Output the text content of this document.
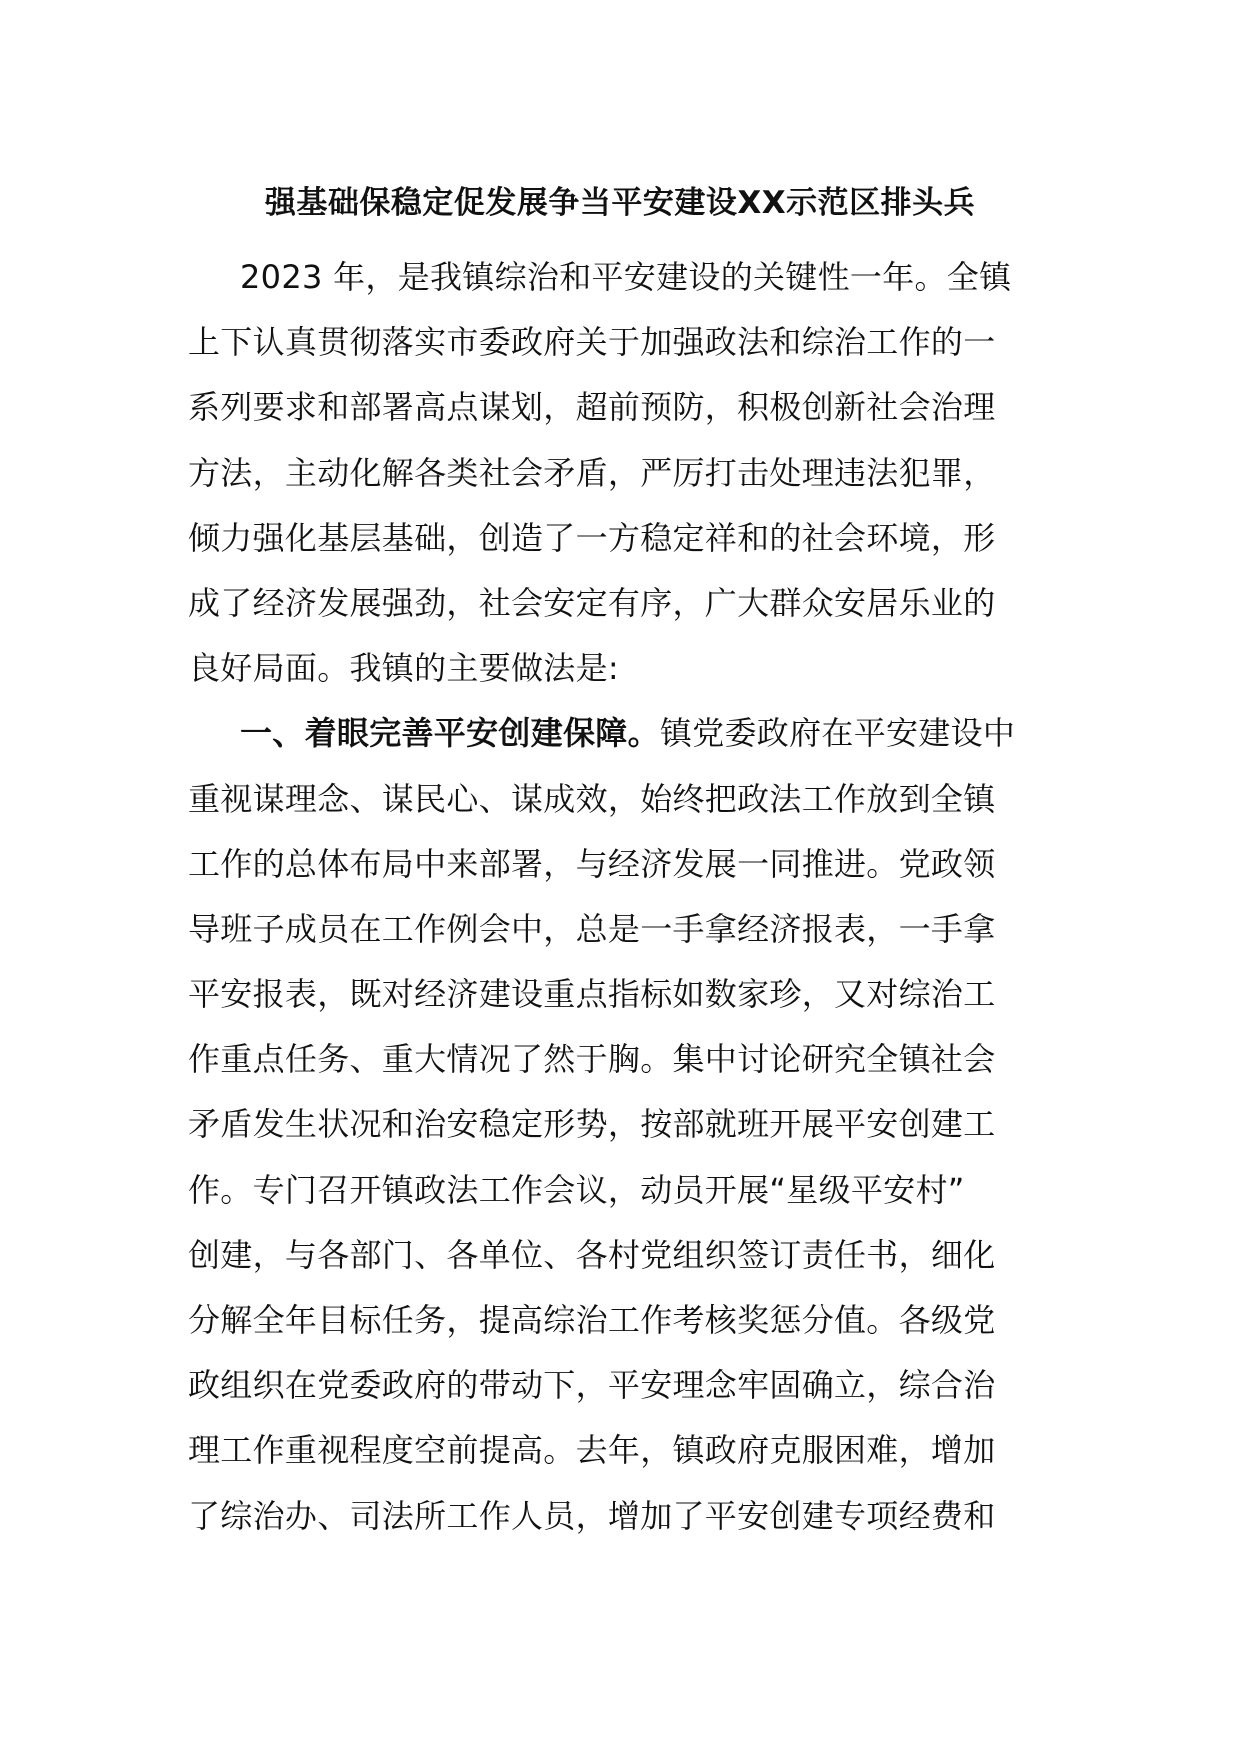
强基础保稳定促发展争当平安建设XX示范区排头兵
2023 年，是我镇综治和平安建设的关键性一年。全镇
上下认真贯彻落实市委政府关于加强政法和综治工作的一
系列要求和部署高点谋划，超前预防，积极创新社会治理
方法，主动化解各类社会矛盾，严厉打击处理违法犯罪，
倾力强化基层基础，创造了一方稳定祥和的社会环境，形
成了经济发展强劲，社会安定有序，广大群众安居乐业的
良好局面。我镇的主要做法是:
一、着眼完善平安创建保障。镇党委政府在平安建设中
重视谋理念、谋民心、谋成效，始终把政法工作放到全镇
工作的总体布局中来部署，与经济发展一同推进。党政领
导班子成员在工作例会中，总是一手拿经济报表，一手拿
平安报表，既对经济建设重点指标如数家珍，又对综治工
作重点任务、重大情况了然于胸。集中讨论研究全镇社会
矛盾发生状况和治安稳定形势，按部就班开展平安创建工
作。专门召开镇政法工作会议，动员开展“星级平安村”
创建，与各部门、各单位、各村党组织签订责任书，细化
分解全年目标任务，提高综治工作考核奖惩分值。各级党
政组织在党委政府的带动下，平安理念牢固确立，综合治
理工作重视程度空前提高。去年，镇政府克服困难，增加
了综治办、司法所工作人员，增加了平安创建专项经费和
